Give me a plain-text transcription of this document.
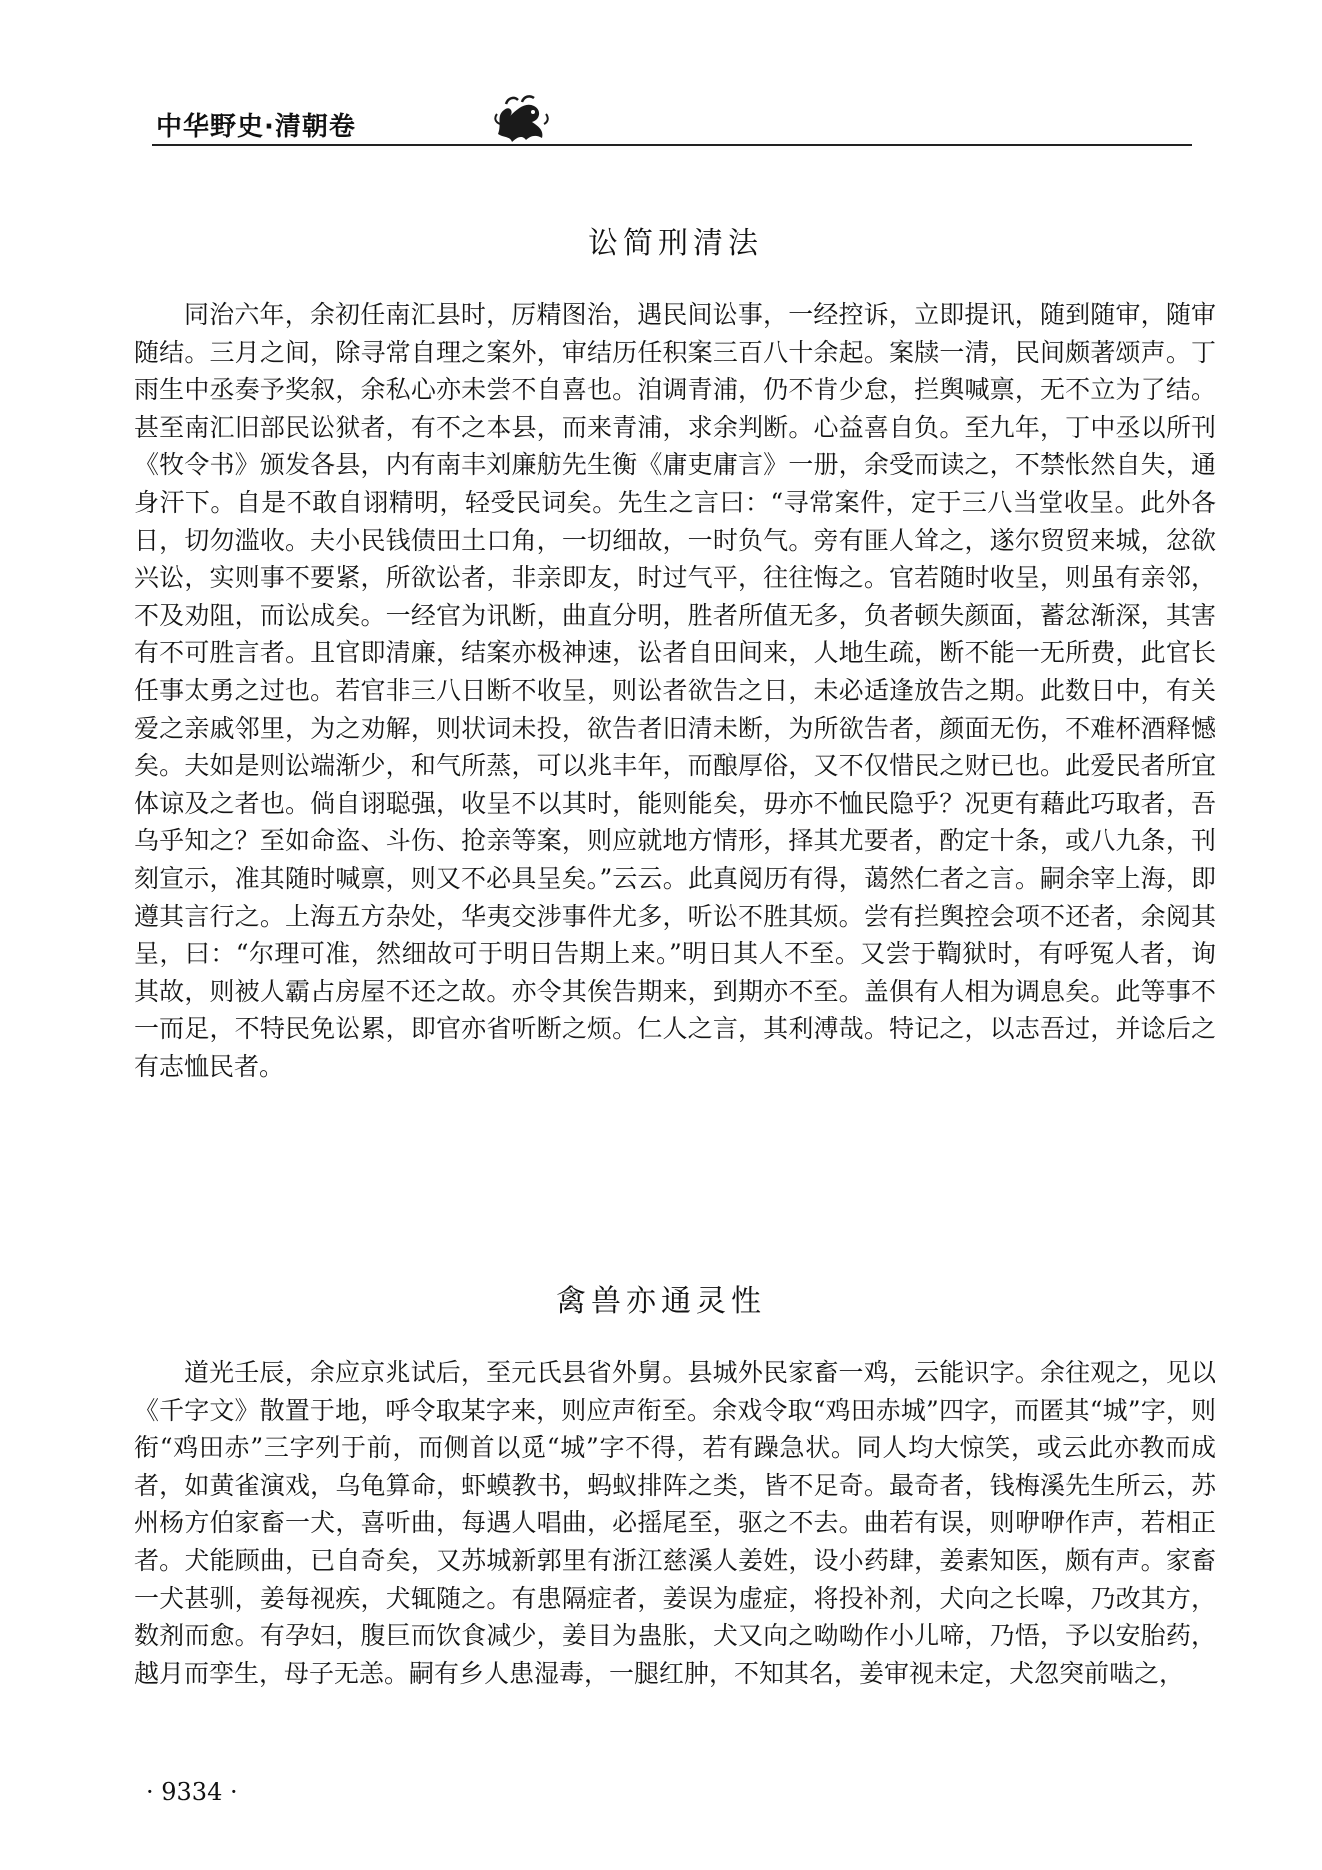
中华野史·清朝卷
讼简刑清法

同治六年，余初任南汇县时，厉精图治，遇民间讼事，一经控诉，立即提讯，随到随审，随审随结。三月之间，除寻常自理之案外，审结历任积案三百八十余起。案牍一清，民间颇著颂声。丁雨生中丞奏予奖叙，余私心亦未尝不自喜也。洎调青浦，仍不肯少怠，拦舆喊禀，无不立为了结。甚至南汇旧部民讼狱者，有不之本县，而来青浦，求余判断。心益喜自负。至九年，丁中丞以所刊《牧令书》颁发各县，内有南丰刘廉舫先生衡《庸吏庸言》一册，余受而读之，不禁怅然自失，通身汗下。自是不敢自诩精明，轻受民词矣。先生之言曰：“寻常案件，定于三八当堂收呈。此外各日，切勿滥收。夫小民钱债田土口角，一切细故，一时负气。旁有匪人耸之，遂尔贸贸来城，忿欲兴讼，实则事不要紧，所欲讼者，非亲即友，时过气平，往往悔之。官若随时收呈，则虽有亲邻，不及劝阻，而讼成矣。一经官为讯断，曲直分明，胜者所值无多，负者顿失颜面，蓄忿渐深，其害有不可胜言者。且官即清廉，结案亦极神速，讼者自田间来，人地生疏，断不能一无所费，此官长任事太勇之过也。若官非三八日断不收呈，则讼者欲告之日，未必适逢放告之期。此数日中，有关爱之亲戚邻里，为之劝解，则状词未投，欲告者旧清未断，为所欲告者，颜面无伤，不难杯酒释憾矣。夫如是则讼端渐少，和气所蒸，可以兆丰年，而酿厚俗，又不仅惜民之财已也。此爱民者所宜体谅及之者也。倘自诩聪强，收呈不以其时，能则能矣，毋亦不恤民隐乎？况更有藉此巧取者，吾乌乎知之？至如命盗、斗伤、抢亲等案，则应就地方情形，择其尤要者，酌定十条，或八九条，刊刻宣示，准其随时喊禀，则又不必具呈矣。”云云。此真阅历有得，蔼然仁者之言。嗣余宰上海，即遵其言行之。上海五方杂处，华夷交涉事件尤多，听讼不胜其烦。尝有拦舆控会项不还者，余阅其呈，曰：“尔理可准，然细故可于明日告期上来。”明日其人不至。又尝于鞫狱时，有呼冤人者，询其故，则被人霸占房屋不还之故。亦令其俟告期来，到期亦不至。盖俱有人相为调息矣。此等事不一而足，不特民免讼累，即官亦省听断之烦。仁人之言，其利溥哉。特记之，以志吾过，并谂后之有志恤民者。

禽兽亦通灵性

道光壬辰，余应京兆试后，至元氏县省外舅。县城外民家畜一鸡，云能识字。余往观之，见以《千字文》散置于地，呼令取某字来，则应声衔至。余戏令取“鸡田赤城”四字，而匿其“城”字，则衔“鸡田赤”三字列于前，而侧首以觅“城”字不得，若有躁急状。同人均大惊笑，或云此亦教而成者，如黄雀演戏，乌龟算命，虾蟆教书，蚂蚁排阵之类，皆不足奇。最奇者，钱梅溪先生所云，苏州杨方伯家畜一犬，喜听曲，每遇人唱曲，必摇尾至，驱之不去。曲若有误，则咿咿作声，若相正者。犬能顾曲，已自奇矣，又苏城新郭里有浙江慈溪人姜姓，设小药肆，姜素知医，颇有声。家畜一犬甚驯，姜每视疾，犬辄随之。有患隔症者，姜误为虚症，将投补剂，犬向之长嗥，乃改其方，数剂而愈。有孕妇，腹巨而饮食减少，姜目为蛊胀，犬又向之呦呦作小儿啼，乃悟，予以安胎药，越月而孪生，母子无恙。嗣有乡人患湿毒，一腿红肿，不知其名，姜审视未定，犬忽突前啮之，

· 9334 ·
